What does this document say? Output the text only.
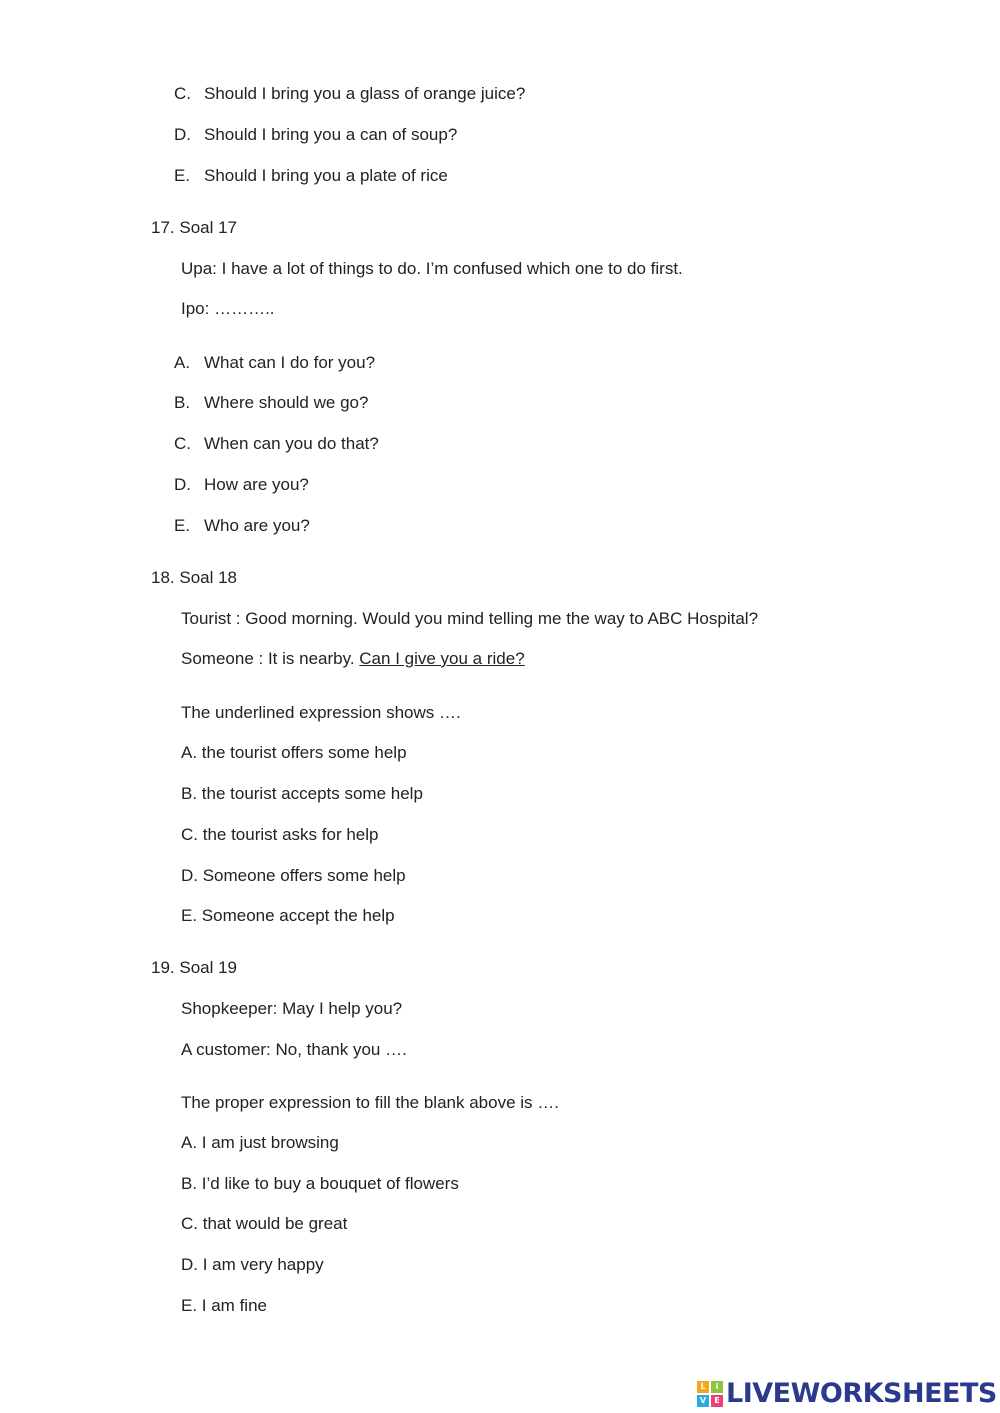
C. Should I bring you a glass of orange juice?
D. Should I bring you a can of soup?
E. Should I bring you a plate of rice
17. Soal 17
Upa: I have a lot of things to do. I’m confused which one to do first.
Ipo: ………..
A. What can I do for you?
B. Where should we go?
C. When can you do that?
D. How are you?
E. Who are you?
18. Soal 18
Tourist : Good morning. Would you mind telling me the way to ABC Hospital?
Someone : It is nearby. Can I give you a ride?
The underlined expression shows ….
A. the tourist offers some help
B. the tourist accepts some help
C. the tourist asks for help
D. Someone offers some help
E. Someone accept the help
19. Soal 19
Shopkeeper: May I help you?
A customer: No, thank you ….
The proper expression to fill the blank above is ….
A. I am just browsing
B. I’d like to buy a bouquet of flowers
C. that would be great
D. I am very happy
E. I am fine
L	i
V	E LIVEWORKSHEETS
